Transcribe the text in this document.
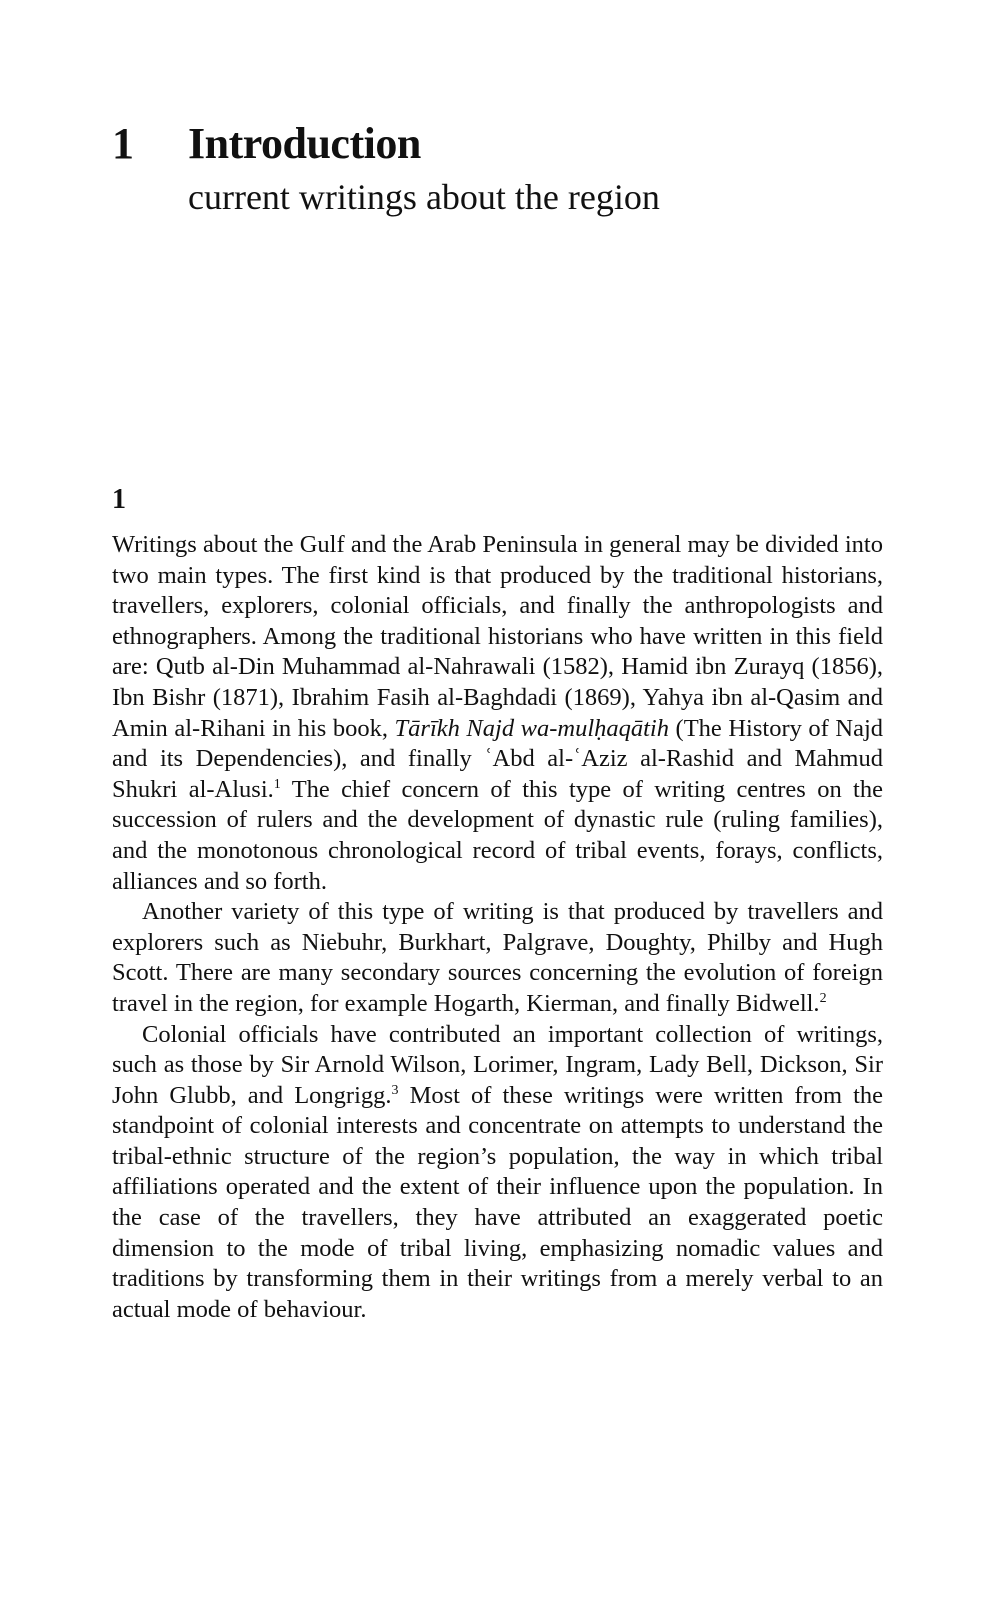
1 Introduction
current writings about the region
1

Writings about the Gulf and the Arab Peninsula in general may be divided into two main types. The first kind is that produced by the traditional historians, travellers, explorers, colonial officials, and finally the anthropologists and ethnographers. Among the traditional historians who have written in this field are: Qutb al-Din Muhammad al-Nahrawali (1582), Hamid ibn Zurayq (1856), Ibn Bishr (1871), Ibrahim Fasih al-Baghdadi (1869), Yahya ibn al-Qasim and Amin al-Rihani in his book, Tārīkh Najd wa-mulḥaqātih (The History of Najd and its Dependencies), and finally ʿAbd al-ʿAziz al-Rashid and Mahmud Shukri al-Alusi.$^1$ The chief concern of this type of writing centres on the succession of rulers and the development of dynastic rule (ruling families), and the monotonous chronological record of tribal events, forays, conflicts, alliances and so forth.

Another variety of this type of writing is that produced by travellers and explorers such as Niebuhr, Burkhart, Palgrave, Doughty, Philby and Hugh Scott. There are many secondary sources concerning the evolution of foreign travel in the region, for example Hogarth, Kierman, and finally Bidwell.$^2$

Colonial officials have contributed an important collection of writings, such as those by Sir Arnold Wilson, Lorimer, Ingram, Lady Bell, Dickson, Sir John Glubb, and Longrigg.$^3$ Most of these writings were written from the standpoint of colonial interests and concentrate on attempts to understand the tribal-ethnic structure of the region’s population, the way in which tribal affiliations operated and the extent of their influence upon the population. In the case of the travellers, they have attributed an exaggerated poetic dimension to the mode of tribal living, emphasizing nomadic values and traditions by transforming them in their writings from a merely verbal to an actual mode of behaviour.
